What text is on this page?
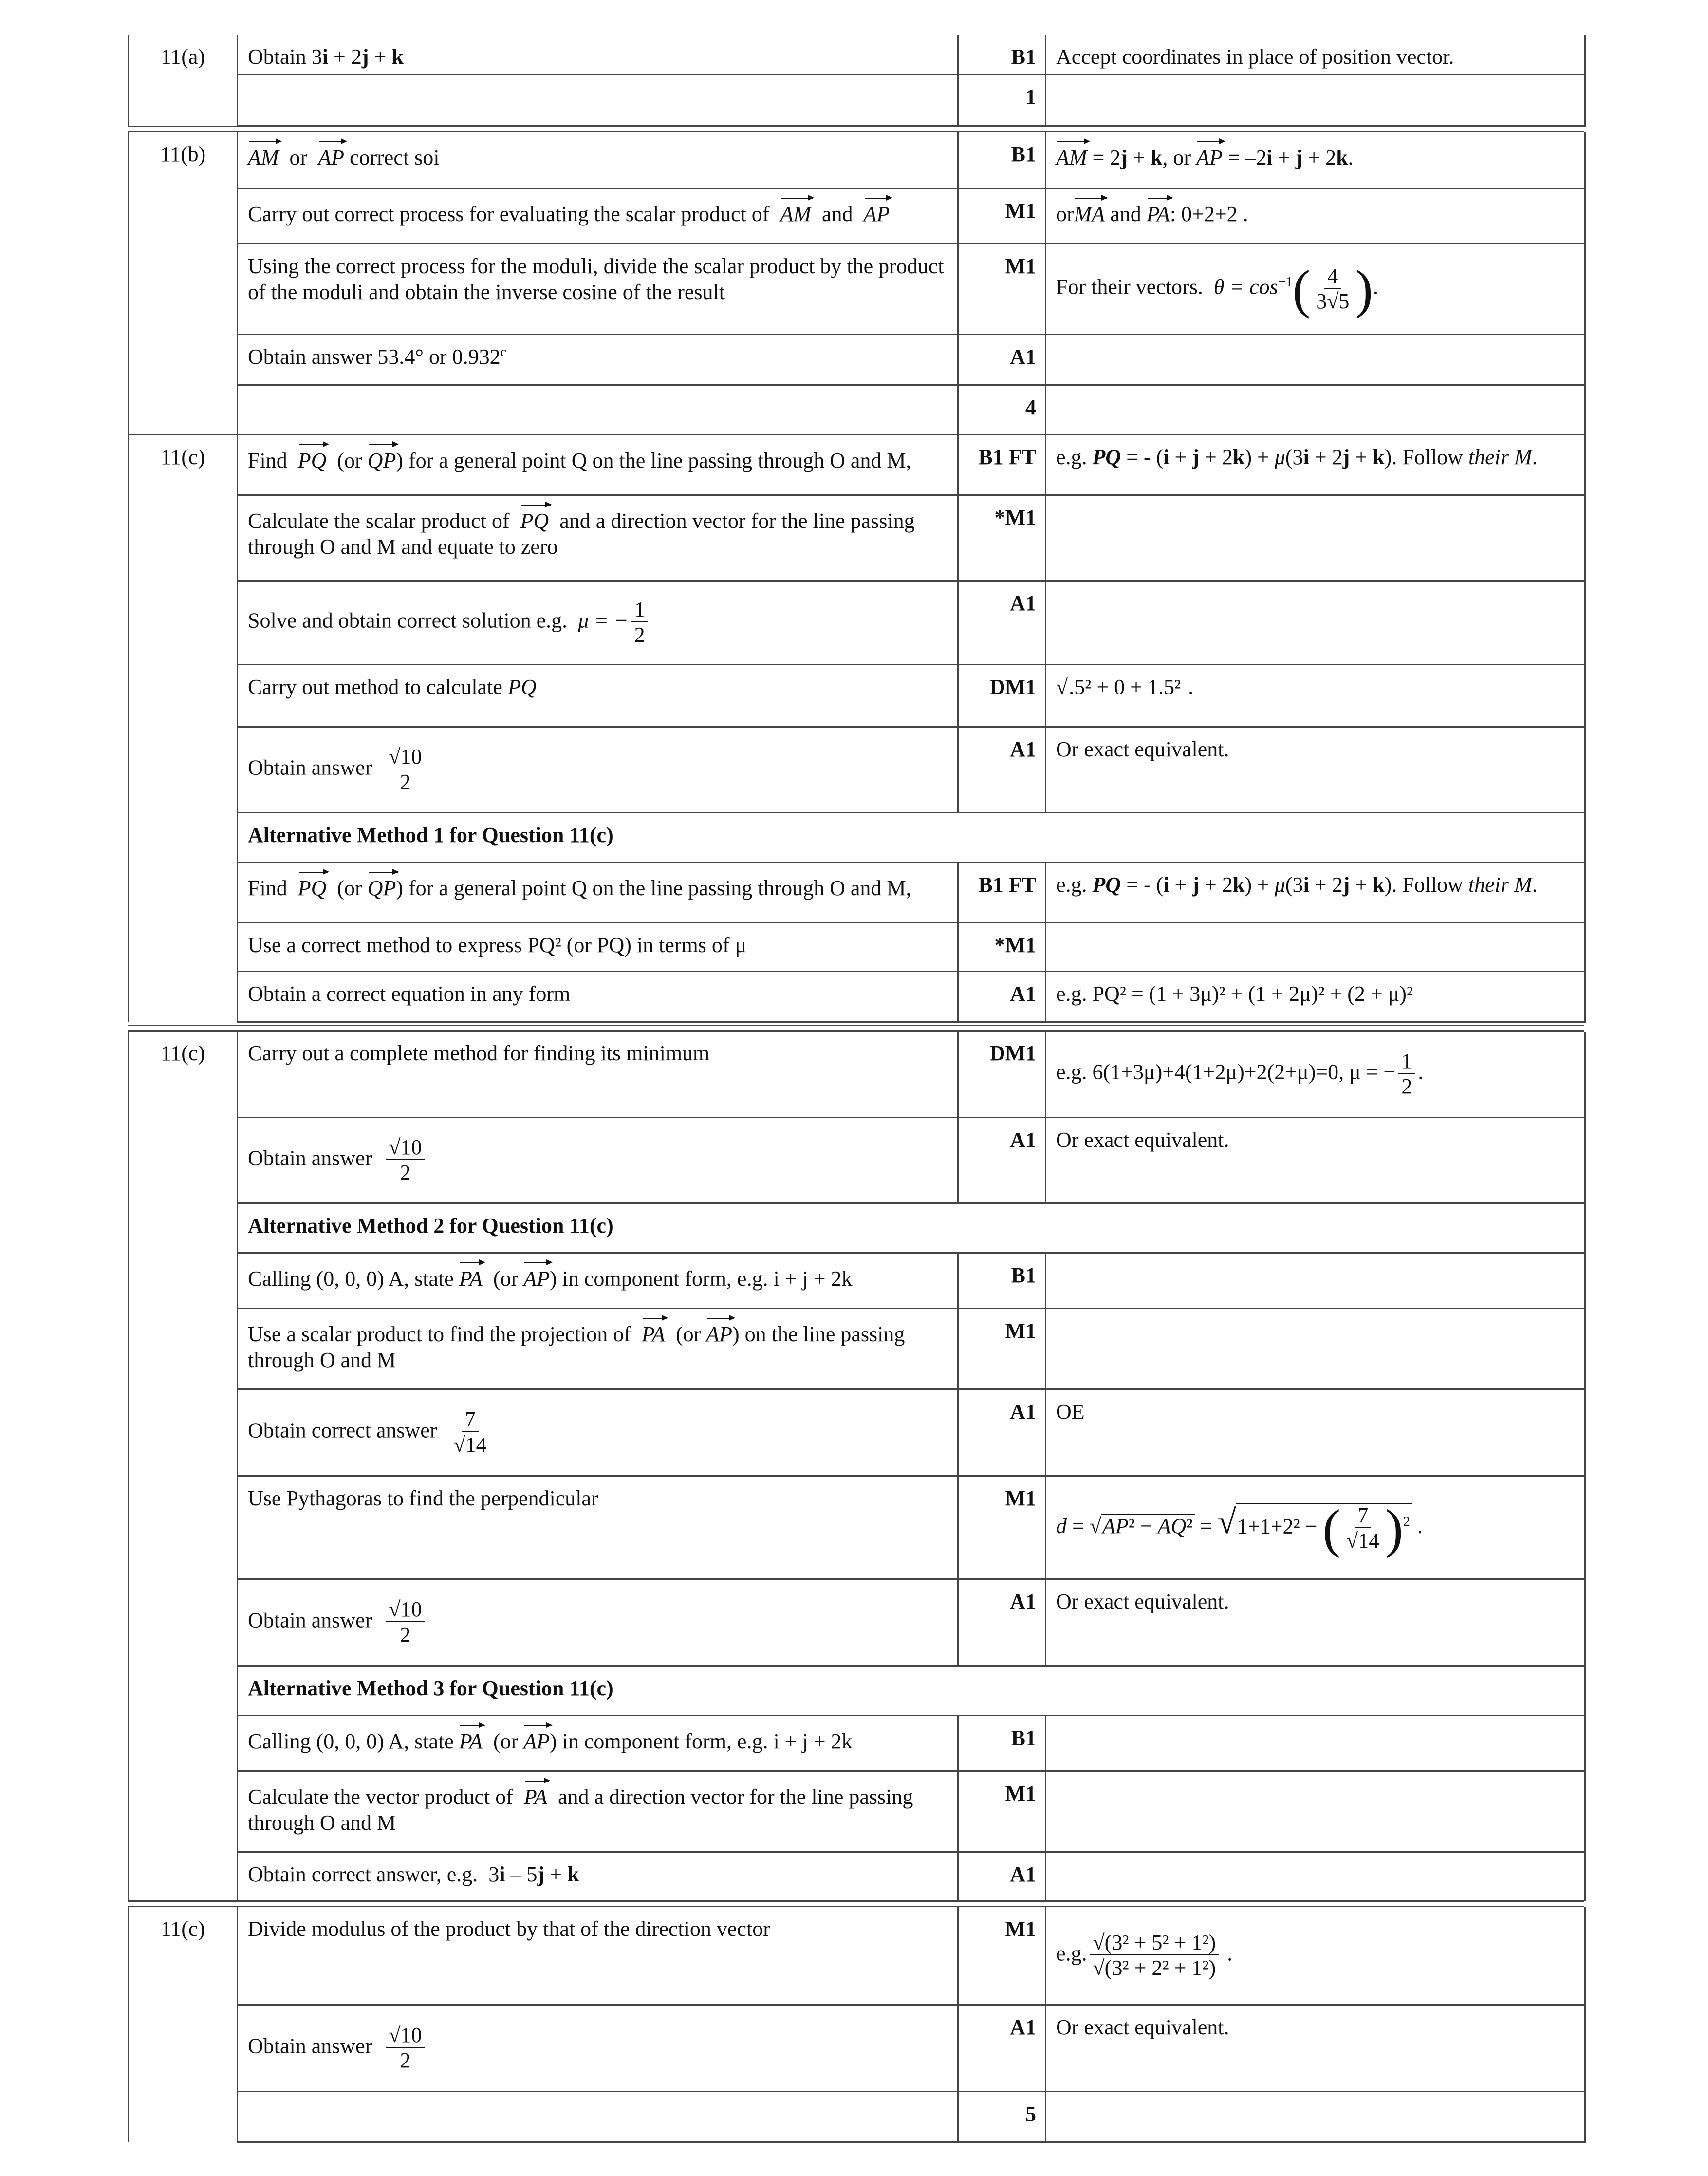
11(a)	Obtain 3i + 2j + k	B1	Accept coordinates in place of position vector.
		1	
11(b)	AM or AP correct soi	B1	AM = 2j + k, or AP = –2i + j + 2k.
	Carry out correct process for evaluating the scalar product of AM and AP	M1	orMA and PA: 0+2+2 .
	Using the correct process for the moduli, divide the scalar product by the product of the moduli and obtain the inverse cosine of the result	M1	For their vectors. $\theta = \cos^{-1}( \frac{4}{3√5}$ ).
	Obtain answer 53.4° or 0.932$^c$	A1	
		4	
11(c)	Find PQ (or QP) for a general point Q on the line passing through O and M,	B1 FT	e.g. PQ = - (i + j + 2k) + μ(3i + 2j + k). Follow their M.
	Calculate the scalar product of PQ and a direction vector for the line passing through O and M and equate to zero	*M1	
	Solve and obtain correct solution e.g. μ = − $\frac{1}{2}$	A1	
	Carry out method to calculate PQ	DM1	√.5² + 0 + 1.5² .
	Obtain answer $\frac{√10}{2}$	A1	Or exact equivalent.
	Alternative Method 1 for Question 11(c)		
	Find PQ (or QP) for a general point Q on the line passing through O and M,	B1 FT	e.g. PQ = - (i + j + 2k) + μ(3i + 2j + k). Follow their M.
	Use a correct method to express PQ² (or PQ) in terms of μ	*M1	
	Obtain a correct equation in any form	A1	e.g. PQ² = (1 + 3μ)² + (1 + 2μ)² + (2 + μ)²
11(c)	Carry out a complete method for finding its minimum	DM1	e.g. 6(1+3μ)+4(1+2μ)+2(2+μ)=0, μ = − $\frac{1}{2}$ .
	Obtain answer $\frac{√10}{2}$	A1	Or exact equivalent.
	Alternative Method 2 for Question 11(c)		
	Calling (0, 0, 0) A, state PA (or AP) in component form, e.g. i + j + 2k	B1	
	Use a scalar product to find the projection of PA (or AP) on the line passing through O and M	M1	
	Obtain correct answer $\frac{7}{√14}$	A1	OE
	Use Pythagoras to find the perpendicular	M1	d = √AP² − AQ² = √1+1+2² − ( $\frac{7}{√14} )^2$ .
	Obtain answer $\frac{√10}{2}$	A1	Or exact equivalent.
	Alternative Method 3 for Question 11(c)		
	Calling (0, 0, 0) A, state PA (or AP) in component form, e.g. i + j + 2k	B1	
	Calculate the vector product of PA and a direction vector for the line passing through O and M	M1	
	Obtain correct answer, e.g.  3i – 5j + k	A1	
11(c)	Divide modulus of the product by that of the direction vector	M1	e.g. $\frac{\text{√(3² + 5² + 1²)}}{\text{√(3² + 2² + 1²)}}$ .
	Obtain answer $\frac{√10}{2}$	A1	Or exact equivalent.
		5	
